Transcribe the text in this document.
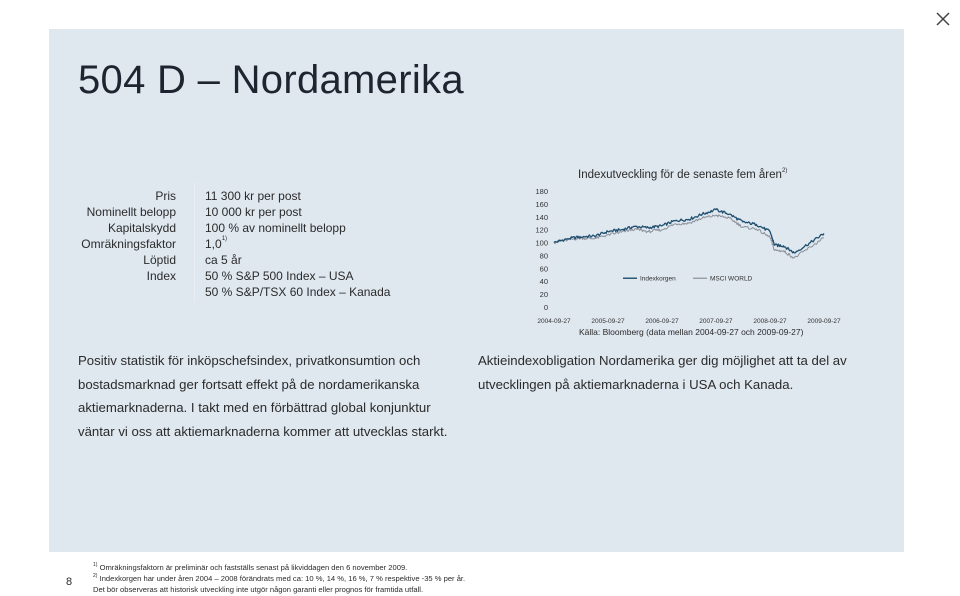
504 D – Nordamerika
Pris 11 300 kr per post
Nominellt belopp 10 000 kr per post
Kapitalskydd 100 % av nominellt belopp
Omräkningsfaktor 1,0$^{1)}$
Löptid ca 5 år
Index 50 % S&P 500 Index – USA
50 % S&P/TSX 60 Index – Kanada
Indexutveckling för de senaste fem åren$^{2)}$
0
20
40
60
80
100
120
140
160
180
2004-09-27	2005-09-27	2006-09-27	2007-09-27	2008-09-27	2009-09-27
Indexkorgen	MSCI WORLD
Källa: Bloomberg (data mellan 2004-09-27 och 2009-09-27)

Positiv statistik för inköpschefsindex, privatkonsumtion och bostadsmarknad ger fortsatt effekt på de nordamerikanska aktiemarknaderna. I takt med en förbättrad global konjunktur väntar vi oss att aktiemarknaderna kommer att utvecklas starkt.

Aktieindexobligation Nordamerika ger dig möjlighet att ta del av utvecklingen på aktiemarknaderna i USA och Kanada.

8
$^{1)}$ Omräkningsfaktorn är preliminär och fastställs senast på likviddagen den 6 november 2009.
$^{2)}$ Indexkorgen har under åren 2004 – 2008 förändrats med ca: 10 %, 14 %, 16 %, 7 % respektive -35 % per år.
Det bör observeras att historisk utveckling inte utgör någon garanti eller prognos för framtida utfall.
